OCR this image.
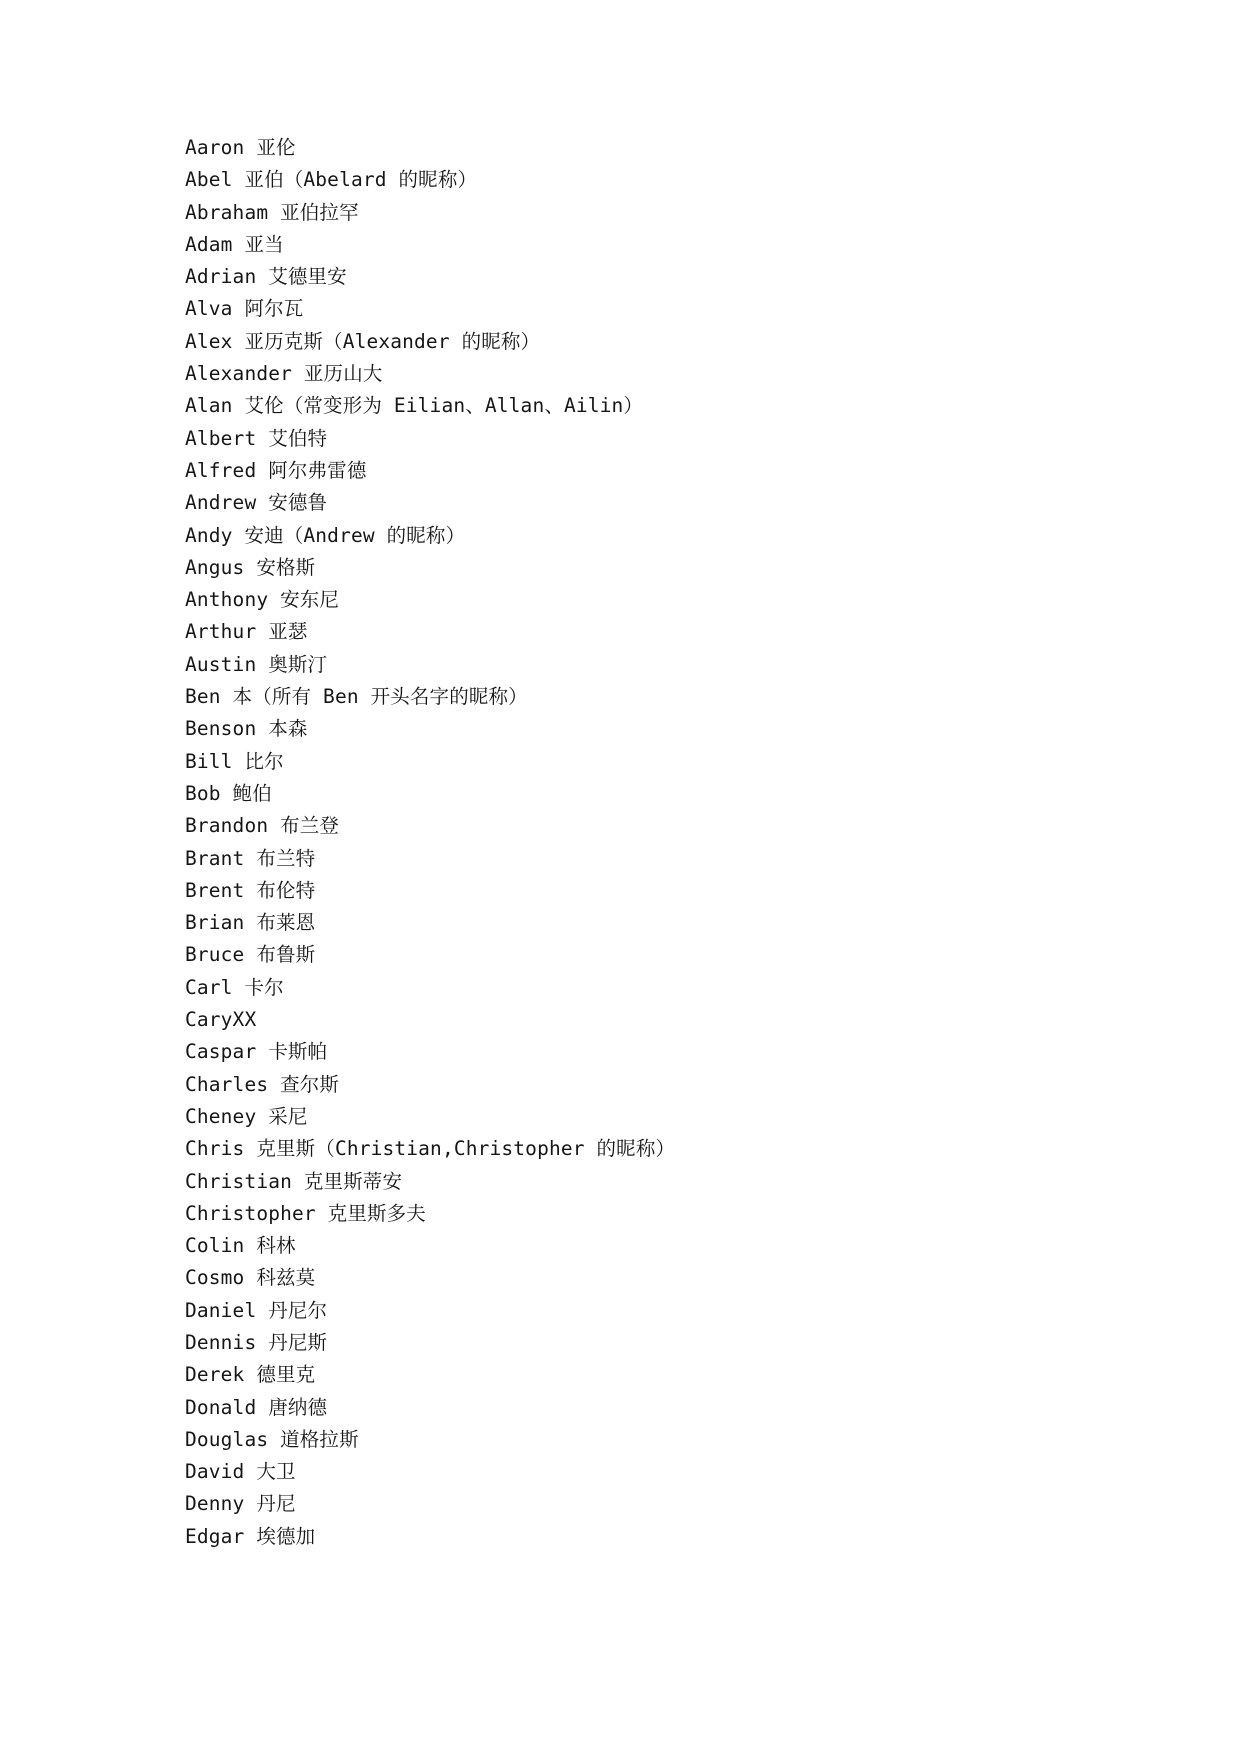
Aaron 亚伦
Abel 亚伯（Abelard 的昵称）
Abraham 亚伯拉罕
Adam 亚当
Adrian 艾德里安
Alva 阿尔瓦
Alex 亚历克斯（Alexander 的昵称）
Alexander 亚历山大
Alan 艾伦（常变形为 Eilian、Allan、Ailin）
Albert 艾伯特
Alfred 阿尔弗雷德
Andrew 安德鲁
Andy 安迪（Andrew 的昵称）
Angus 安格斯
Anthony 安东尼
Arthur 亚瑟
Austin 奥斯汀
Ben 本（所有 Ben 开头名字的昵称）
Benson 本森
Bill 比尔
Bob 鲍伯
Brandon 布兰登
Brant 布兰特
Brent 布伦特
Brian 布莱恩
Bruce 布鲁斯
Carl 卡尔
CaryXX
Caspar 卡斯帕
Charles 查尔斯
Cheney 采尼
Chris 克里斯（Christian,Christopher 的昵称）
Christian 克里斯蒂安
Christopher 克里斯多夫
Colin 科林
Cosmo 科兹莫
Daniel 丹尼尔
Dennis 丹尼斯
Derek 德里克
Donald 唐纳德
Douglas 道格拉斯
David 大卫
Denny 丹尼
Edgar 埃德加
